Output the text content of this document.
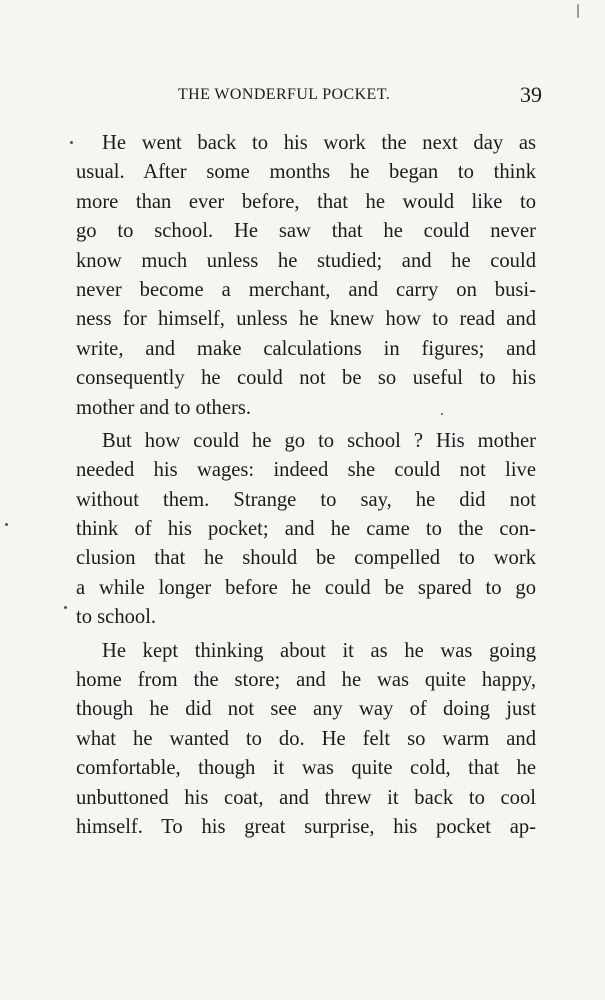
THE WONDERFUL POCKET.	39
He went back to his work the next day as
usual. After some months he began to think
more than ever before, that he would like to
go to school. He saw that he could never
know much unless he studied; and he could
never become a merchant, and carry on busi-
ness for himself, unless he knew how to read and
write, and make calculations in figures; and
consequently he could not be so useful to his
mother and to others.
But how could he go to school ? His mother
needed his wages: indeed she could not live
without them. Strange to say, he did not
think of his pocket; and he came to the con-
clusion that he should be compelled to work
a while longer before he could be spared to go
to school.
He kept thinking about it as he was going
home from the store; and he was quite happy,
though he did not see any way of doing just
what he wanted to do. He felt so warm and
comfortable, though it was quite cold, that he
unbuttoned his coat, and threw it back to cool
himself. To his great surprise, his pocket ap-
